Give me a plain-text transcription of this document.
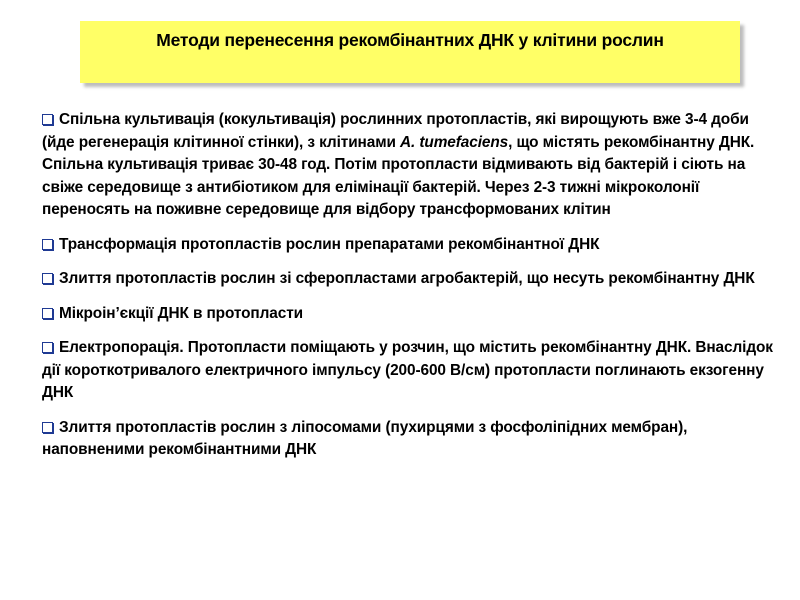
Методи перенесення рекомбінантних ДНК у клітини рослин

Спільна культивація (кокультивація) рослинних протопластів, які вирощують вже 3-4 доби (йде регенерація клітинної стінки), з клітинами A. tumefaciens, що містять рекомбінантну ДНК. Спільна культивація триває 30-48 год. Потім протопласти відмивають від бактерій і сіють на свіже середовище з антибіотиком для елімінації бактерій. Через 2-3 тижні мікроколонії переносять на поживне середовище для відбору трансформованих клітин

Трансформація протопластів рослин препаратами рекомбінантної ДНК

Злиття протопластів рослин зі сферопластами агробактерій, що несуть рекомбінантну ДНК

Мікроін’єкції ДНК в протопласти

Електропорація. Протопласти поміщають у розчин, що містить рекомбінантну ДНК. Внаслідок дії короткотривалого електричного імпульсу (200-600 В/см) протопласти поглинають екзогенну ДНК

Злиття протопластів рослин з ліпосомами (пухирцями з фосфоліпідних мембран), наповненими рекомбінантними ДНК
